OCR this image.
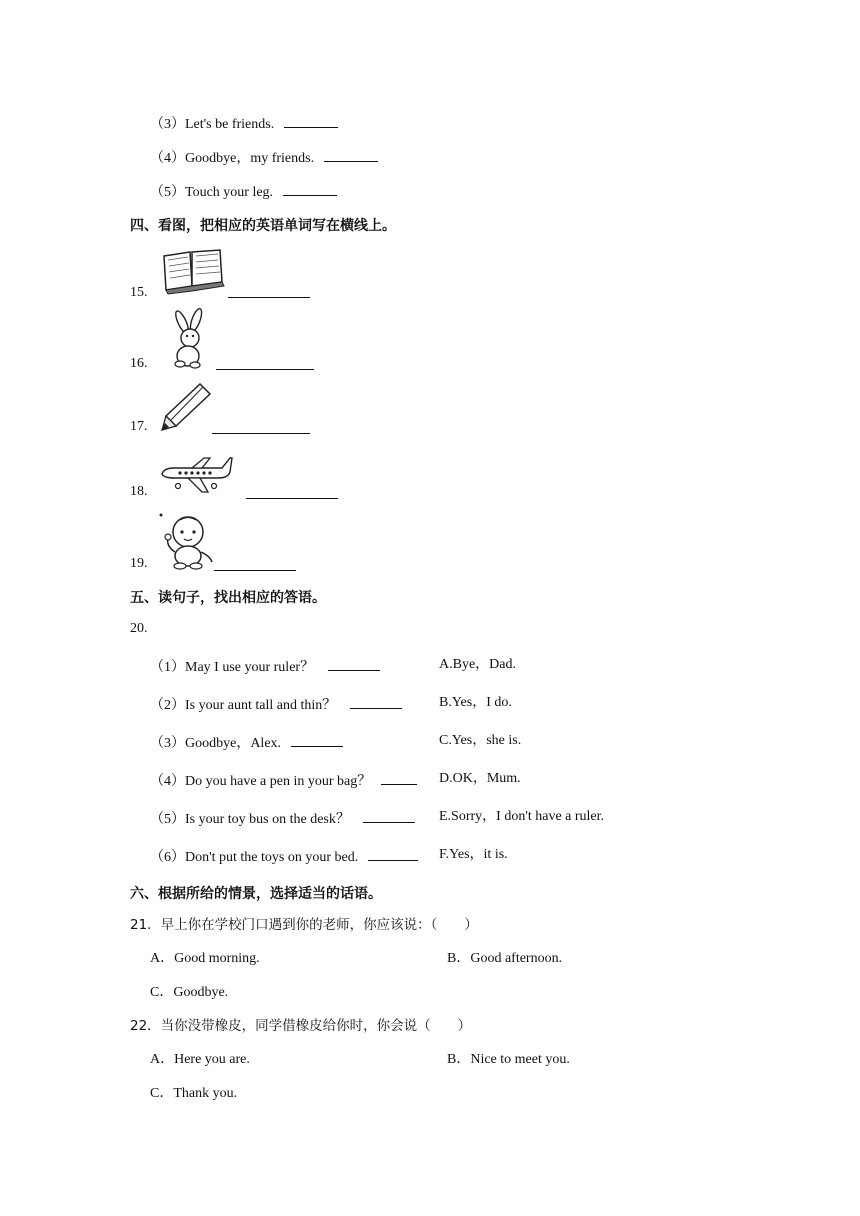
（3）Let's be friends.
（4）Goodbye，my friends.
（5）Touch your leg.
四、看图，把相应的英语单词写在横线上。
15.
16.
17.
18.
19.
五、读句子，找出相应的答语。
20.
（1）May I use your ruler？	A.Bye，Dad.
（2）Is your aunt tall and thin？	B.Yes，I do.
（3）Goodbye，Alex.	C.Yes，she is.
（4）Do you have a pen in your bag？	D.OK，Mum.
（5）Is your toy bus on the desk？	E.Sorry，I don't have a ruler.
（6）Don't put the toys on your bed.	F.Yes，it is.
六、根据所给的情景，选择适当的话语。
21．早上你在学校门口遇到你的老师，你应该说：（　　）
A．Good morning.	B．Good afternoon.
C．Goodbye.
22．当你没带橡皮，同学借橡皮给你时，你会说（　　）
A．Here you are.	B．Nice to meet you.
C．Thank you.
